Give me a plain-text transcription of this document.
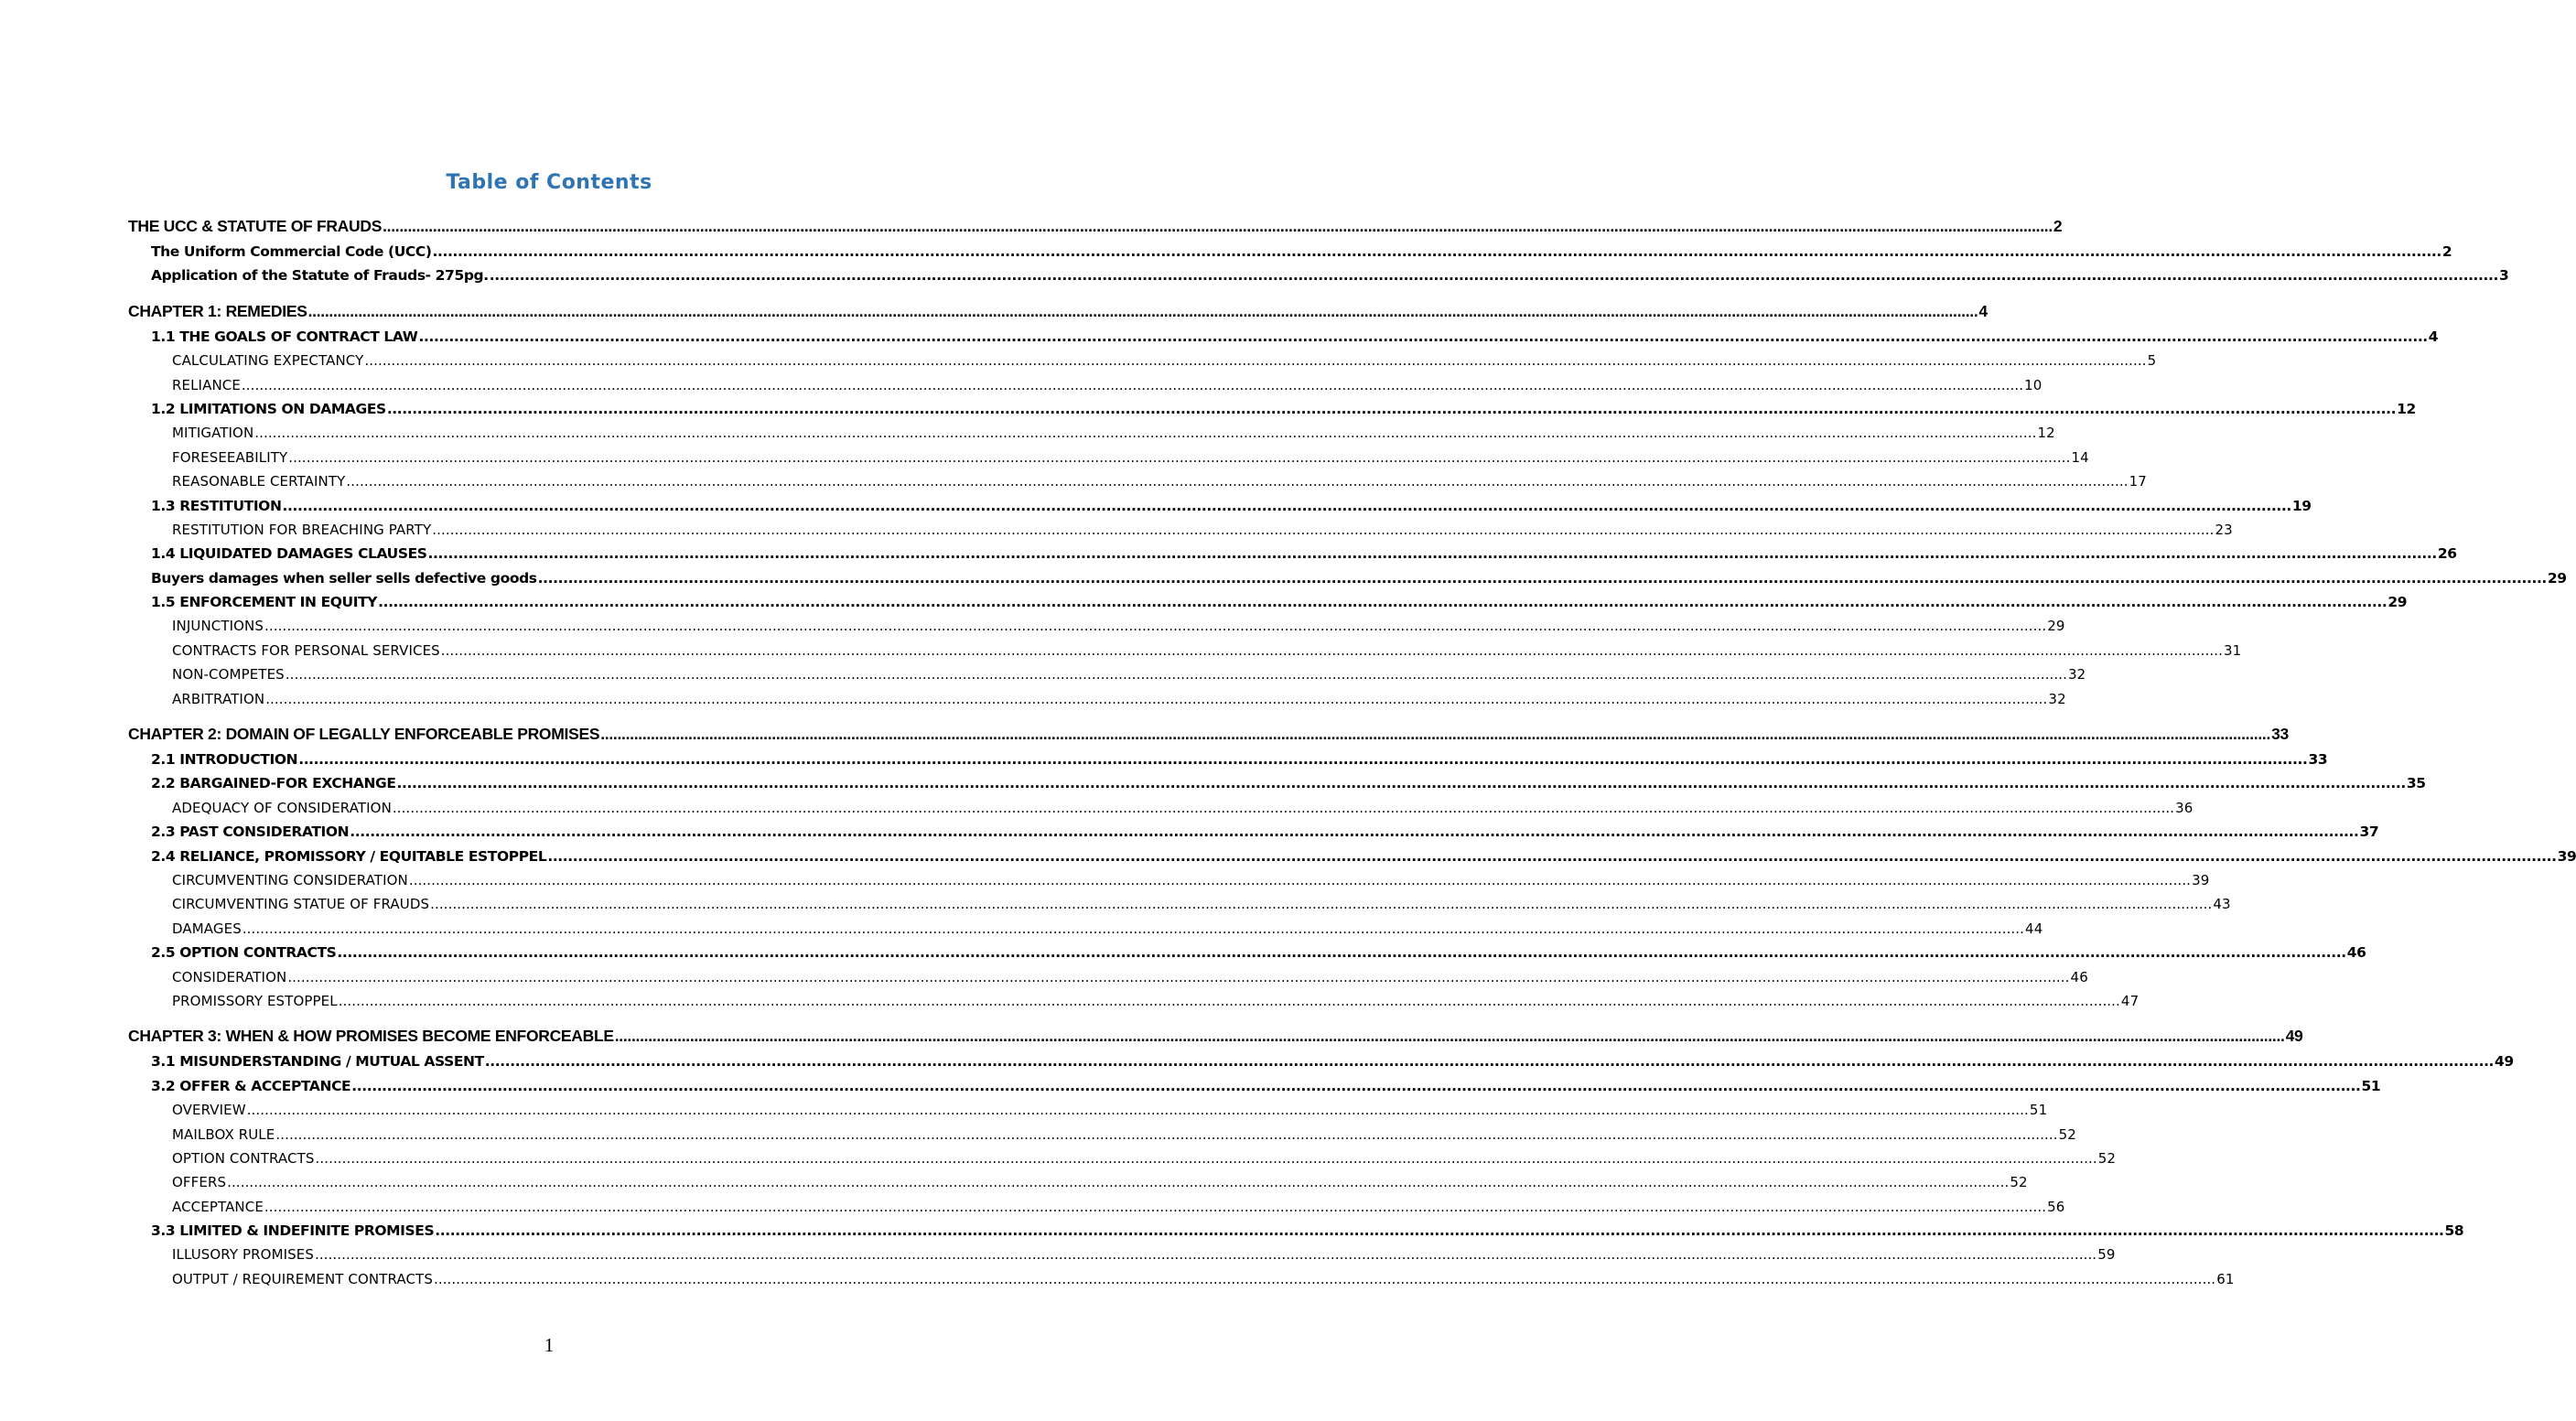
Table of Contents
THE UCC & STATUTE OF FRAUDS ................................................................................................................................................................................................................................................................................................................................................................................................................ 2
The Uniform Commercial Code (UCC) ................................................................................................................................................................................................................................................................................................................................................................................................................ 2
Application of the Statute of Frauds- 275pg. ................................................................................................................................................................................................................................................................................................................................................................................................................ 3
CHAPTER 1: REMEDIES ................................................................................................................................................................................................................................................................................................................................................................................................................ 4
1.1 THE GOALS OF CONTRACT LAW ................................................................................................................................................................................................................................................................................................................................................................................................................ 4
CALCULATING EXPECTANCY ................................................................................................................................................................................................................................................................................................................................................................................................................ 5
RELIANCE ................................................................................................................................................................................................................................................................................................................................................................................................................ 10
1.2 LIMITATIONS ON DAMAGES ................................................................................................................................................................................................................................................................................................................................................................................................................ 12
MITIGATION ................................................................................................................................................................................................................................................................................................................................................................................................................ 12
FORESEEABILITY ................................................................................................................................................................................................................................................................................................................................................................................................................ 14
REASONABLE CERTAINTY ................................................................................................................................................................................................................................................................................................................................................................................................................ 17
1.3 RESTITUTION ................................................................................................................................................................................................................................................................................................................................................................................................................ 19
RESTITUTION FOR BREACHING PARTY ................................................................................................................................................................................................................................................................................................................................................................................................................ 23
1.4 LIQUIDATED DAMAGES CLAUSES ................................................................................................................................................................................................................................................................................................................................................................................................................ 26
Buyers damages when seller sells defective goods ................................................................................................................................................................................................................................................................................................................................................................................................................ 29
1.5 ENFORCEMENT IN EQUITY ................................................................................................................................................................................................................................................................................................................................................................................................................ 29
INJUNCTIONS ................................................................................................................................................................................................................................................................................................................................................................................................................ 29
CONTRACTS FOR PERSONAL SERVICES ................................................................................................................................................................................................................................................................................................................................................................................................................ 31
NON-COMPETES ................................................................................................................................................................................................................................................................................................................................................................................................................ 32
ARBITRATION ................................................................................................................................................................................................................................................................................................................................................................................................................ 32
CHAPTER 2: DOMAIN OF LEGALLY ENFORCEABLE PROMISES ................................................................................................................................................................................................................................................................................................................................................................................................................ 33
2.1 INTRODUCTION ................................................................................................................................................................................................................................................................................................................................................................................................................ 33
2.2 BARGAINED-FOR EXCHANGE ................................................................................................................................................................................................................................................................................................................................................................................................................ 35
ADEQUACY OF CONSIDERATION ................................................................................................................................................................................................................................................................................................................................................................................................................ 36
2.3 PAST CONSIDERATION ................................................................................................................................................................................................................................................................................................................................................................................................................ 37
2.4 RELIANCE, PROMISSORY / EQUITABLE ESTOPPEL ................................................................................................................................................................................................................................................................................................................................................................................................................ 39
CIRCUMVENTING CONSIDERATION ................................................................................................................................................................................................................................................................................................................................................................................................................ 39
CIRCUMVENTING STATUE OF FRAUDS ................................................................................................................................................................................................................................................................................................................................................................................................................ 43
DAMAGES ................................................................................................................................................................................................................................................................................................................................................................................................................ 44
2.5 OPTION CONTRACTS ................................................................................................................................................................................................................................................................................................................................................................................................................ 46
CONSIDERATION ................................................................................................................................................................................................................................................................................................................................................................................................................ 46
PROMISSORY ESTOPPEL ................................................................................................................................................................................................................................................................................................................................................................................................................ 47
CHAPTER 3: WHEN & HOW PROMISES BECOME ENFORCEABLE ................................................................................................................................................................................................................................................................................................................................................................................................................ 49
3.1 MISUNDERSTANDING / MUTUAL ASSENT ................................................................................................................................................................................................................................................................................................................................................................................................................ 49
3.2 OFFER & ACCEPTANCE ................................................................................................................................................................................................................................................................................................................................................................................................................ 51
OVERVIEW ................................................................................................................................................................................................................................................................................................................................................................................................................ 51
MAILBOX RULE ................................................................................................................................................................................................................................................................................................................................................................................................................ 52
OPTION CONTRACTS ................................................................................................................................................................................................................................................................................................................................................................................................................ 52
OFFERS ................................................................................................................................................................................................................................................................................................................................................................................................................ 52
ACCEPTANCE ................................................................................................................................................................................................................................................................................................................................................................................................................ 56
3.3 LIMITED & INDEFINITE PROMISES ................................................................................................................................................................................................................................................................................................................................................................................................................ 58
ILLUSORY PROMISES ................................................................................................................................................................................................................................................................................................................................................................................................................ 59
OUTPUT / REQUIREMENT CONTRACTS ................................................................................................................................................................................................................................................................................................................................................................................................................ 61
1
